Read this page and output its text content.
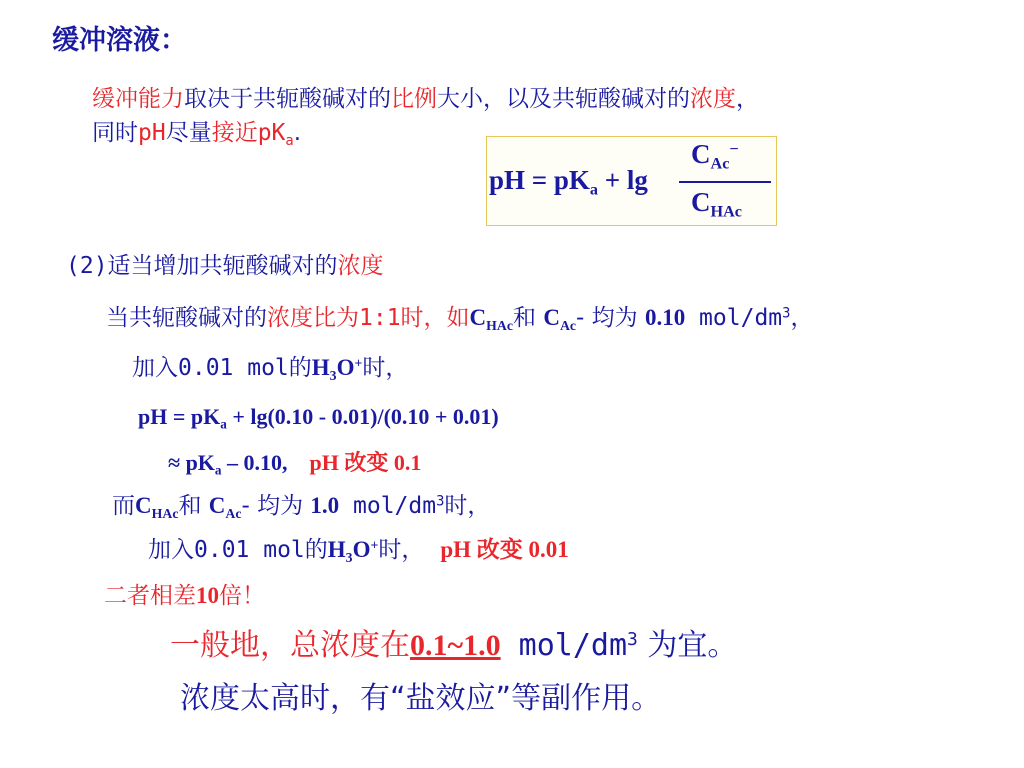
缓冲溶液：
缓冲能力取决于共轭酸碱对的比例大小，以及共轭酸碱对的浓度，
同时pH尽量接近$pK_a$.
pH = $pK_a + \lg$
$C_{Ac}^-$
$C_{HAc}$
(2)适当增加共轭酸碱对的浓度
当共轭酸碱对的浓度比为1:1时，如$C_{HAc}$和 $C_{Ac}-$ 均为 0.10 mol/$dm^3$，
加入0.01 mol的$H_3O^+$时，
pH = $pK_a + \lg(0.10 - 0.01)/(0.10 + 0.01)$
≈ $pK_a - 0.10$, pH 改变 0.1
而$C_{HAc}$和 $C_{Ac}-$ 均为 1.0 mol/$dm^3$时，
加入0.01 mol的$H_3O^+$时， pH 改变 0.01
二者相差10倍！
一般地，总浓度在0.1~1.0 mol/$dm^3$ 为宜。
浓度太高时，有“盐效应”等副作用。
